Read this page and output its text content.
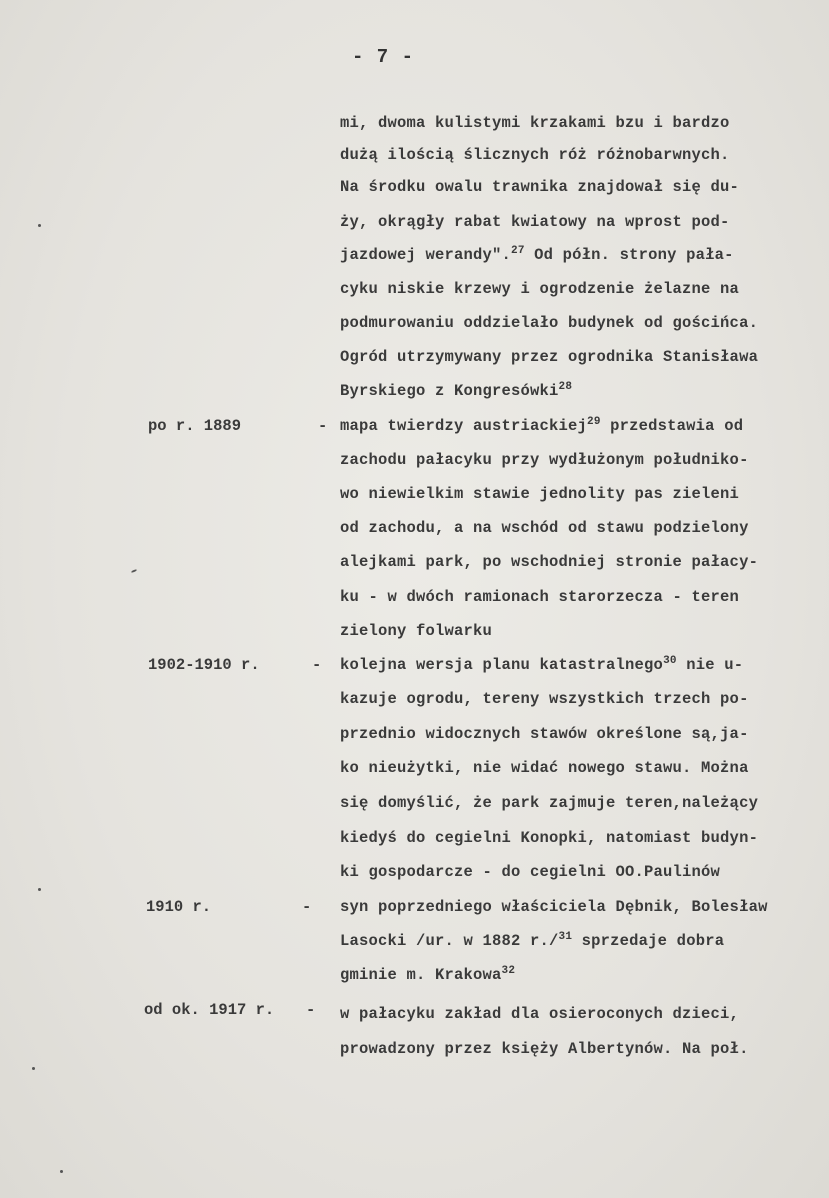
- 7 -
mi, dwoma kulistymi krzakami bzu i bardzo
dużą ilością ślicznych róż różnobarwnych.
Na środku owalu trawnika znajdował się du-
ży, okrągły rabat kwiatowy na wprost pod-
jazdowej werandy".$^{27}$ Od półn. strony pała-
cyku niskie krzewy i ogrodzenie żelazne na
podmurowaniu oddzielało budynek od gościńca.
Ogród utrzymywany przez ogrodnika Stanisława
Byrskiego z Kongresówki$^{28}$
po r. 1889	- mapa twierdzy austriackiej$^{29}$ przedstawia od
zachodu pałacyku przy wydłużonym południko-
wo niewielkim stawie jednolity pas zieleni
od zachodu, a na wschód od stawu podzielony
alejkami park, po wschodniej stronie pałacy-
ku - w dwóch ramionach starorzecza - teren
zielony folwarku
1902-1910 r.	- kolejna wersja planu katastralnego$^{30}$ nie u-
kazuje ogrodu, tereny wszystkich trzech po-
przednio widocznych stawów określone są,ja-
ko nieużytki, nie widać nowego stawu. Można
się domyślić, że park zajmuje teren,należący
kiedyś do cegielni Konopki, natomiast budyn-
ki gospodarcze - do cegielni OO.Paulinów
1910 r.	- syn poprzedniego właściciela Dębnik, Bolesław
Lasocki /ur. w 1882 r./$^{31}$ sprzedaje dobra
gminie m. Krakowa$^{32}$
od ok. 1917 r. - w pałacyku zakład dla osieroconych dzieci,
prowadzony przez księży Albertynów. Na poł.
